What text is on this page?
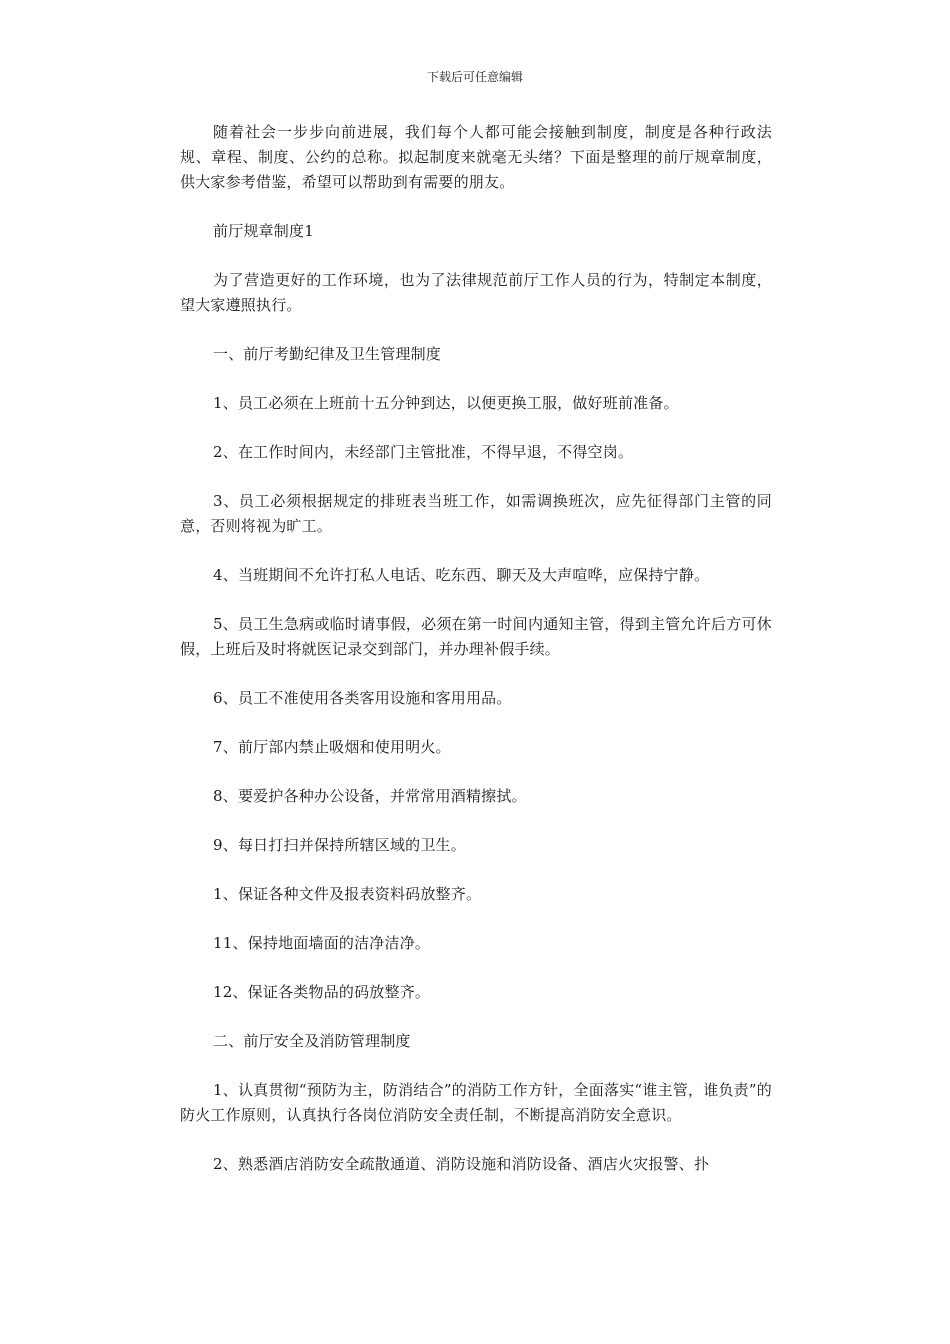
下载后可任意编辑

随着社会一步步向前进展，我们每个人都可能会接触到制度，制度是各种行政法规、章程、制度、公约的总称。拟起制度来就毫无头绪？下面是整理的前厅规章制度，供大家参考借鉴，希望可以帮助到有需要的朋友。

前厅规章制度1

为了营造更好的工作环境，也为了法律规范前厅工作人员的行为，特制定本制度，望大家遵照执行。

一、前厅考勤纪律及卫生管理制度

1、员工必须在上班前十五分钟到达，以便更换工服，做好班前准备。

2、在工作时间内，未经部门主管批准，不得早退，不得空岗。

3、员工必须根据规定的排班表当班工作，如需调换班次，应先征得部门主管的同意，否则将视为旷工。

4、当班期间不允许打私人电话、吃东西、聊天及大声喧哗，应保持宁静。

5、员工生急病或临时请事假，必须在第一时间内通知主管，得到主管允许后方可休假，上班后及时将就医记录交到部门，并办理补假手续。

6、员工不准使用各类客用设施和客用用品。

7、前厅部内禁止吸烟和使用明火。

8、要爱护各种办公设备，并常常用酒精擦拭。

9、每日打扫并保持所辖区域的卫生。

1、保证各种文件及报表资料码放整齐。

11、保持地面墙面的洁净洁净。

12、保证各类物品的码放整齐。

二、前厅安全及消防管理制度

1、认真贯彻“预防为主，防消结合”的消防工作方针，全面落实“谁主管，谁负责”的防火工作原则，认真执行各岗位消防安全责任制，不断提高消防安全意识。

2、熟悉酒店消防安全疏散通道、消防设施和消防设备、酒店火灾报警、扑
